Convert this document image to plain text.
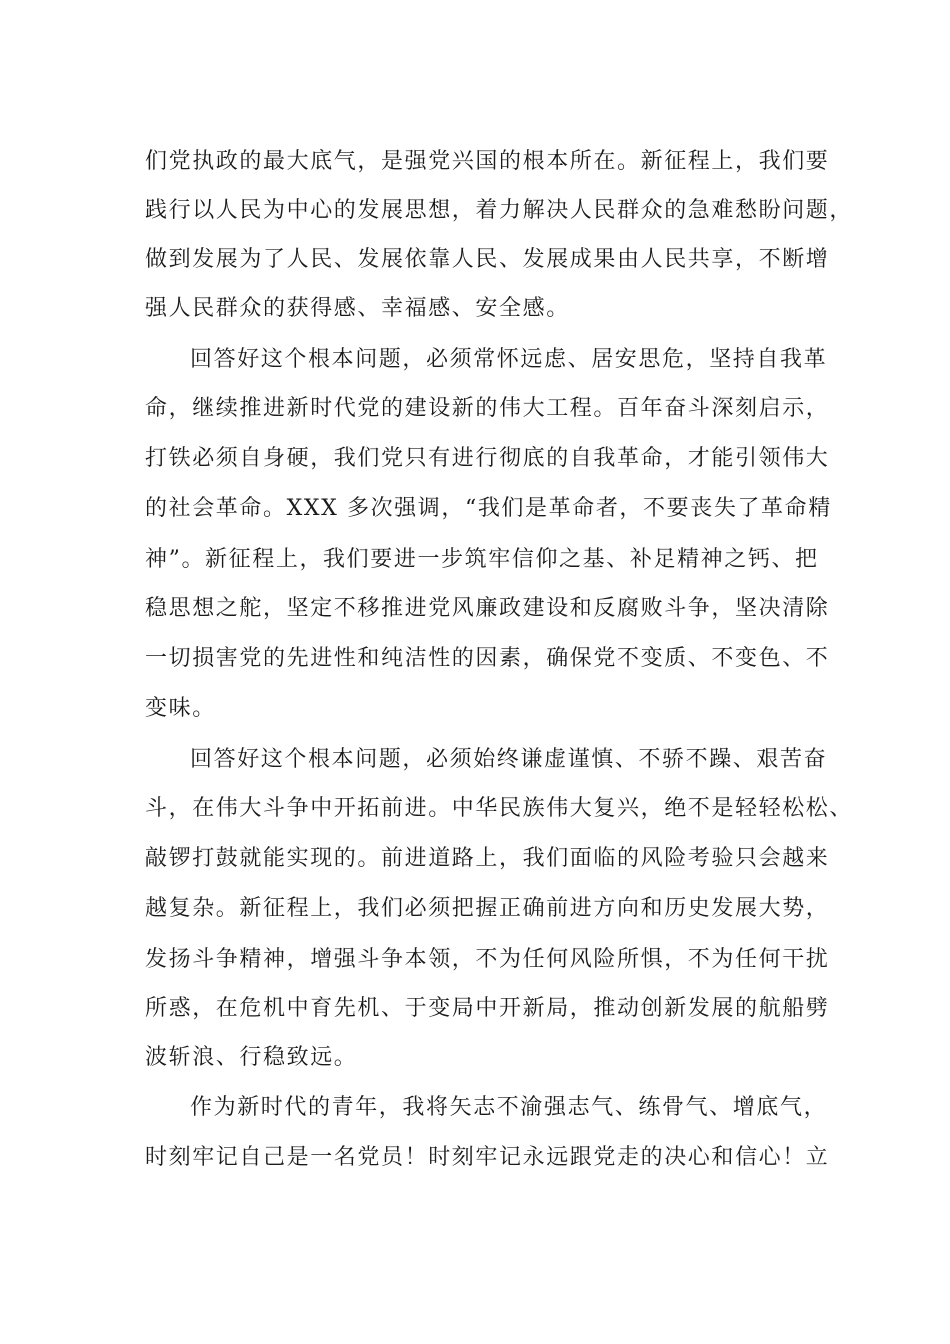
们党执政的最大底气，是强党兴国的根本所在。新征程上，我们要
践行以人民为中心的发展思想，着力解决人民群众的急难愁盼问题，
做到发展为了人民、发展依靠人民、发展成果由人民共享，不断增
强人民群众的获得感、幸福感、安全感。
回答好这个根本问题，必须常怀远虑、居安思危，坚持自我革
命，继续推进新时代党的建设新的伟大工程。百年奋斗深刻启示，
打铁必须自身硬，我们党只有进行彻底的自我革命，才能引领伟大
的社会革命。XXX 多次强调，“我们是革命者，不要丧失了革命精
神”。新征程上，我们要进一步筑牢信仰之基、补足精神之钙、把
稳思想之舵，坚定不移推进党风廉政建设和反腐败斗争，坚决清除
一切损害党的先进性和纯洁性的因素，确保党不变质、不变色、不
变味。
回答好这个根本问题，必须始终谦虚谨慎、不骄不躁、艰苦奋
斗，在伟大斗争中开拓前进。中华民族伟大复兴，绝不是轻轻松松、
敲锣打鼓就能实现的。前进道路上，我们面临的风险考验只会越来
越复杂。新征程上，我们必须把握正确前进方向和历史发展大势，
发扬斗争精神，增强斗争本领，不为任何风险所惧，不为任何干扰
所惑，在危机中育先机、于变局中开新局，推动创新发展的航船劈
波斩浪、行稳致远。
作为新时代的青年，我将矢志不渝强志气、练骨气、增底气，
时刻牢记自己是一名党员！时刻牢记永远跟党走的决心和信心！立
